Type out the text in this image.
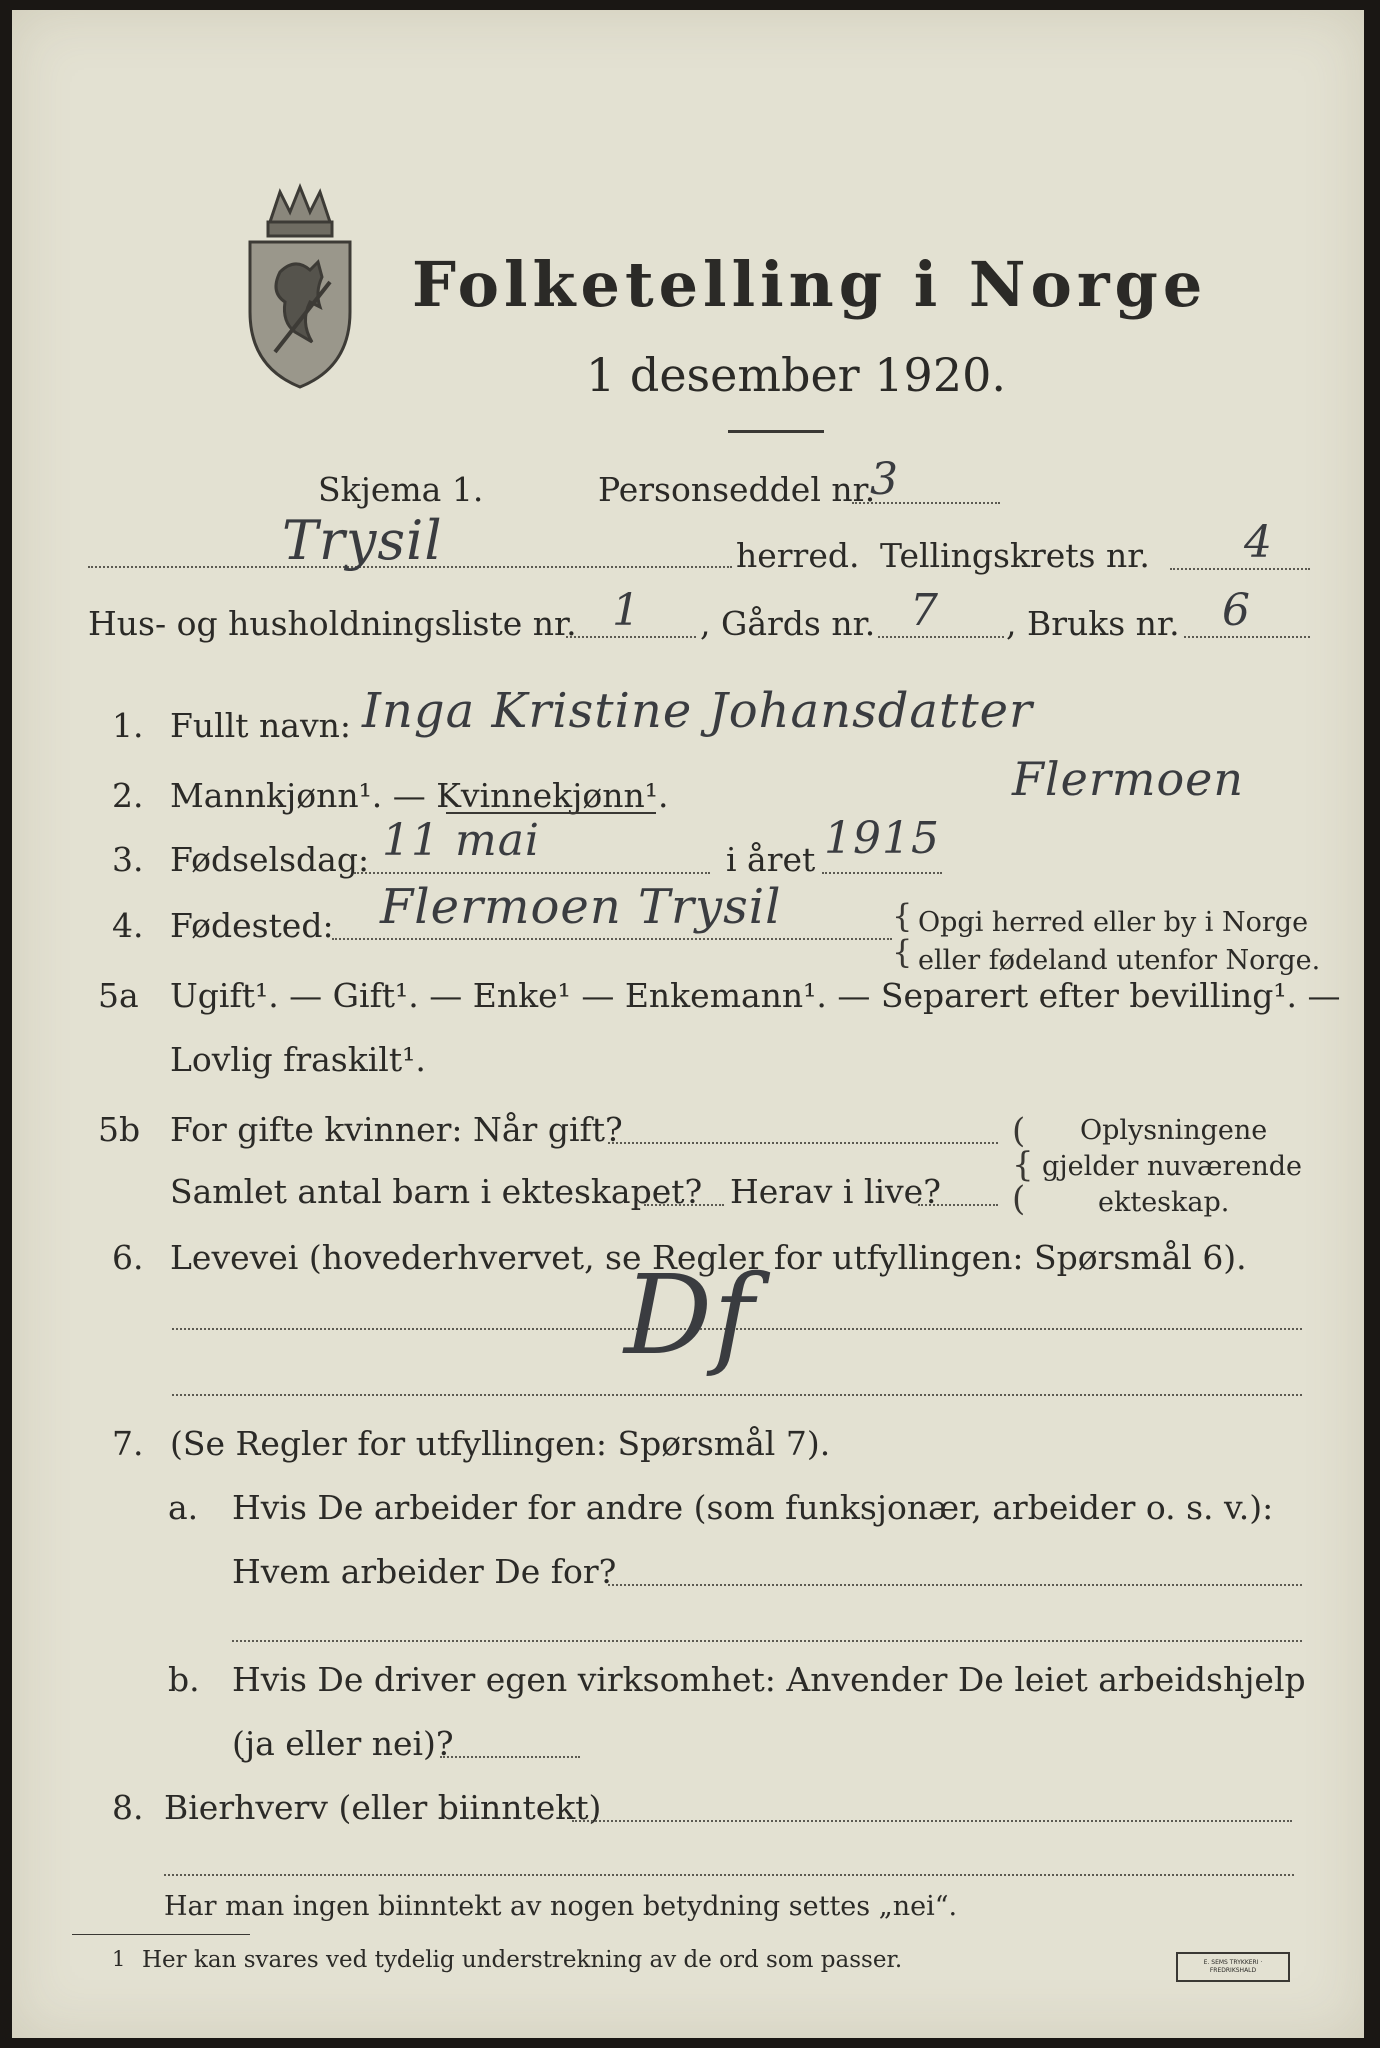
Folketelling i Norge
1 desember 1920.
Skjema 1.	Personseddel nr.
3
Trysil	herred. Tellingskrets nr. 4
Hus- og husholdningsliste nr. 1 , Gårds nr. 7 , Bruks nr. 6
1. Fullt navn: Inga Kristine Johansdatter
Flermoen
2. Mannkjønn¹. — Kvinnekjønn¹.
3. Fødselsdag: 11 mai	i året 1915
4. Fødested: Flermoen Trysil	{
{
Opgi herred eller by i Norge
eller fødeland utenfor Norge.
5a Ugift¹. — Gift¹. — Enke¹ — Enkemann¹. — Separert efter bevilling¹. —
Lovlig fraskilt¹.
5b For gifte kvinner: Når gift?
Samlet antal barn i ekteskapet? Herav i live?
(
{
(
Oplysningene
gjelder nuværende
ekteskap.
6. Levevei (hovederhvervet, se Regler for utfyllingen: Spørsmål 6).
Df
7. (Se Regler for utfyllingen: Spørsmål 7).
a. Hvis De arbeider for andre (som funksjonær, arbeider o. s. v.):
Hvem arbeider De for?
b. Hvis De driver egen virksomhet: Anvender De leiet arbeidshjelp
(ja eller nei)?
8. Bierhverv (eller biinntekt)
Har man ingen biinntekt av nogen betydning settes „nei“.
1 Her kan svares ved tydelig understrekning av de ord som passer.	E. SEMS TRYKKERI · FREDRIKSHALD
